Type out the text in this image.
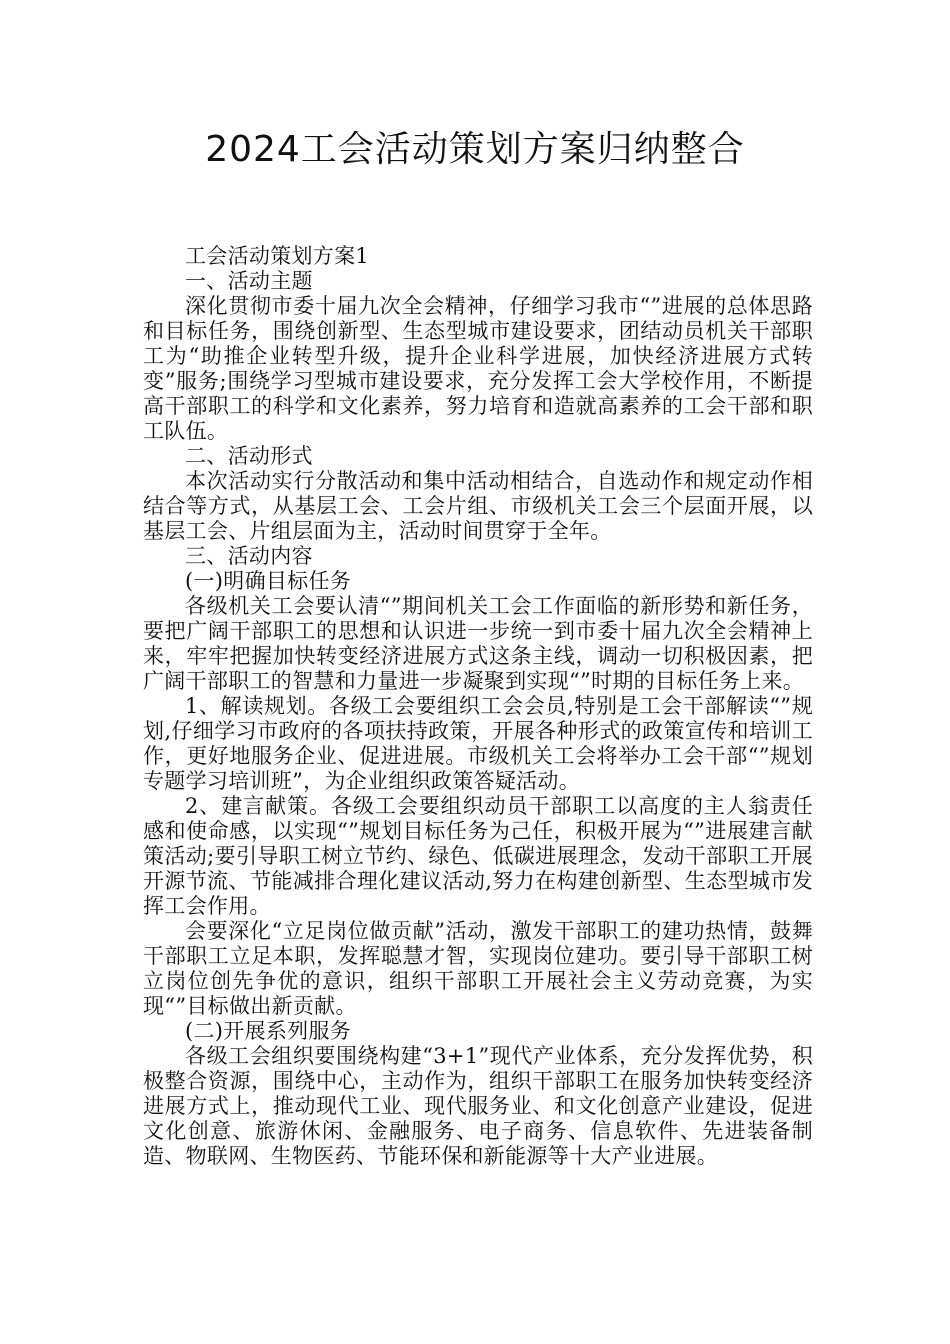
2024工会活动策划方案归纳整合

工会活动策划方案1

一、活动主题

深化贯彻市委十届九次全会精神，仔细学习我市“”进展的总体思路和目标任务，围绕创新型、生态型城市建设要求，团结动员机关干部职工为“助推企业转型升级，提升企业科学进展，加快经济进展方式转变”服务;围绕学习型城市建设要求，充分发挥工会大学校作用，不断提高干部职工的科学和文化素养，努力培育和造就高素养的工会干部和职工队伍。

二、活动形式

本次活动实行分散活动和集中活动相结合，自选动作和规定动作相结合等方式，从基层工会、工会片组、市级机关工会三个层面开展，以基层工会、片组层面为主，活动时间贯穿于全年。

三、活动内容

(一)明确目标任务

各级机关工会要认清“”期间机关工会工作面临的新形势和新任务，要把广阔干部职工的思想和认识进一步统一到市委十届九次全会精神上来，牢牢把握加快转变经济进展方式这条主线，调动一切积极因素，把广阔干部职工的智慧和力量进一步凝聚到实现“”时期的目标任务上来。

1、解读规划。各级工会要组织工会会员,特别是工会干部解读“”规划,仔细学习市政府的各项扶持政策，开展各种形式的政策宣传和培训工作，更好地服务企业、促进进展。市级机关工会将举办工会干部“”规划专题学习培训班”，为企业组织政策答疑活动。

2、建言献策。各级工会要组织动员干部职工以高度的主人翁责任感和使命感，以实现“”规划目标任务为己任，积极开展为“”进展建言献策活动;要引导职工树立节约、绿色、低碳进展理念，发动干部职工开展开源节流、节能减排合理化建议活动,努力在构建创新型、生态型城市发挥工会作用。

会要深化“立足岗位做贡献”活动，激发干部职工的建功热情，鼓舞干部职工立足本职，发挥聪慧才智，实现岗位建功。要引导干部职工树立岗位创先争优的意识，组织干部职工开展社会主义劳动竞赛，为实现“”目标做出新贡献。

(二)开展系列服务

各级工会组织要围绕构建“3+1”现代产业体系，充分发挥优势，积极整合资源，围绕中心，主动作为，组织干部职工在服务加快转变经济进展方式上，推动现代工业、现代服务业、和文化创意产业建设，促进文化创意、旅游休闲、金融服务、电子商务、信息软件、先进装备制造、物联网、生物医药、节能环保和新能源等十大产业进展。
